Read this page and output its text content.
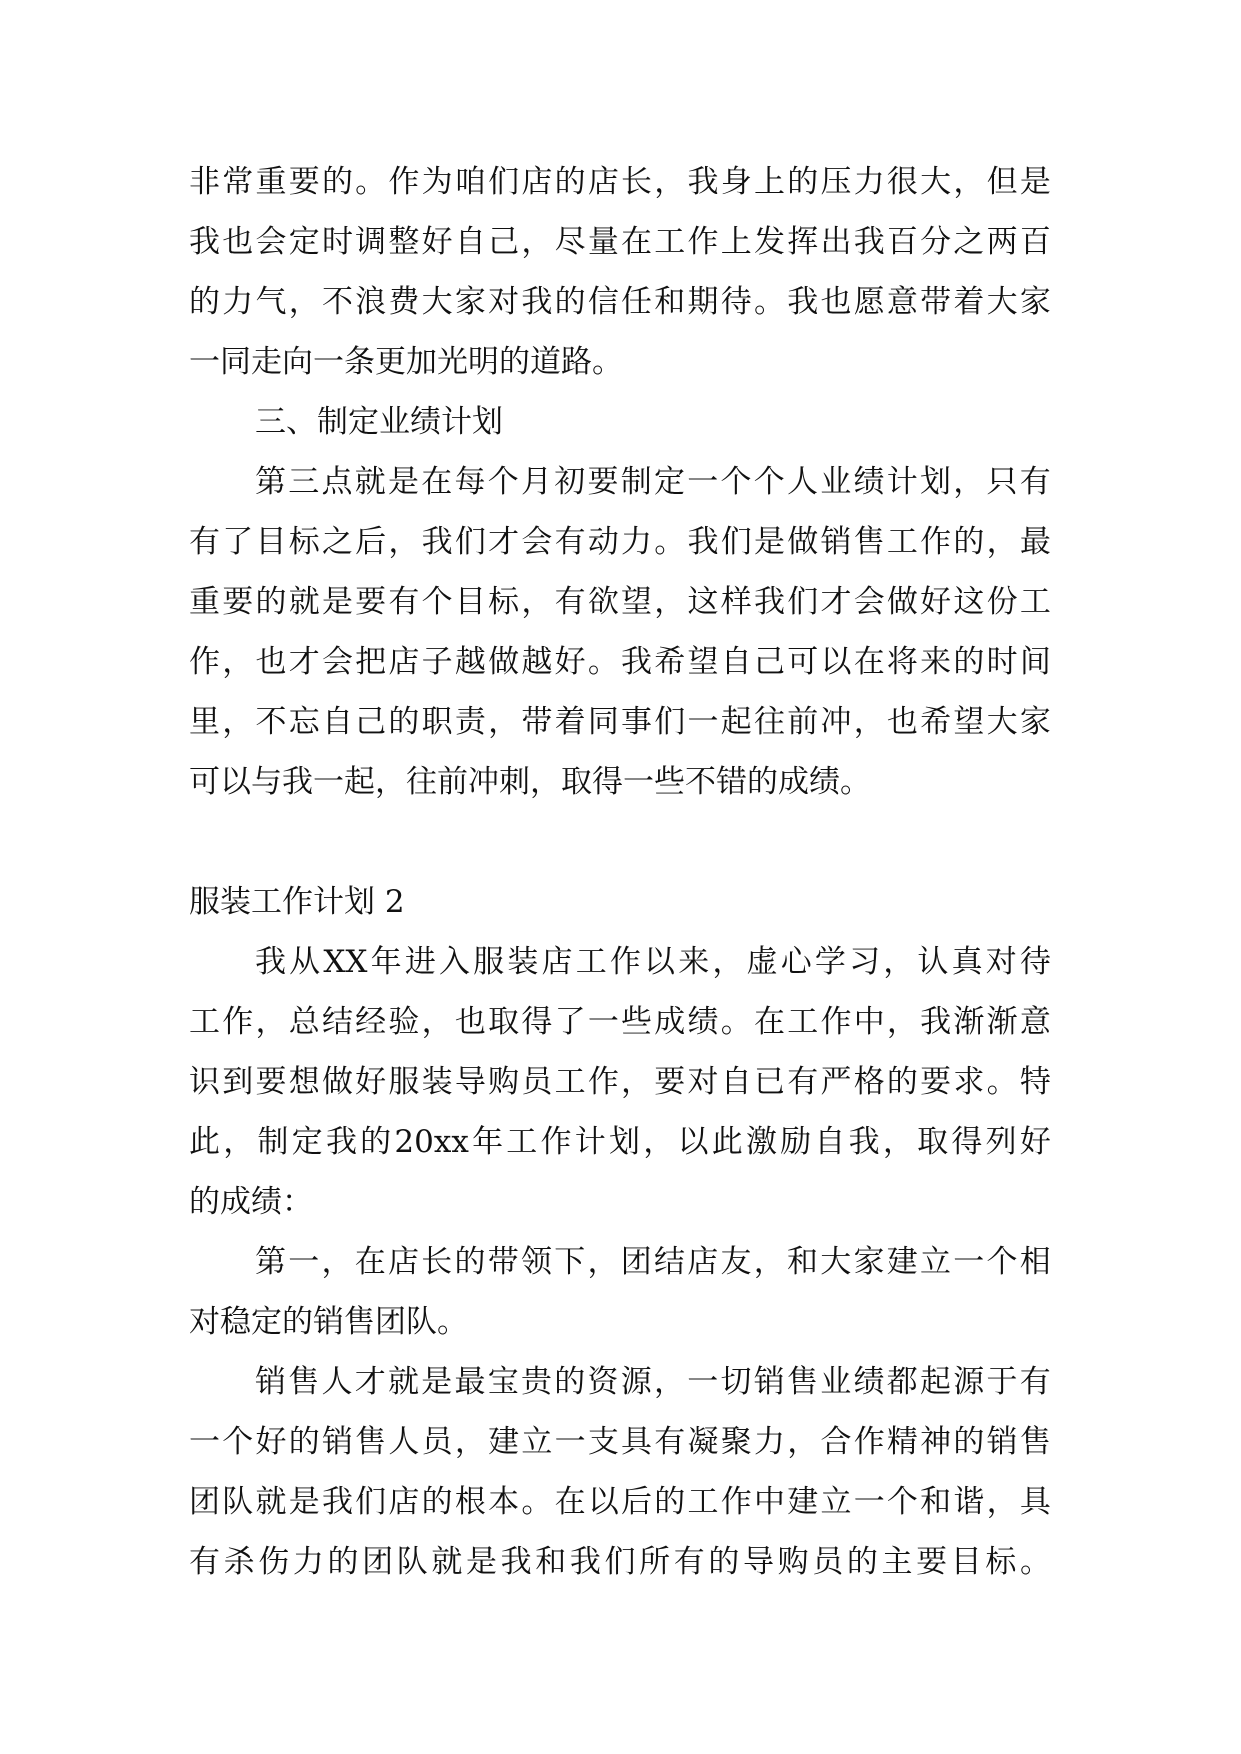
非 常 重 要 的 。 作 为 咱 们 店 的 店 长 ， 我 身 上 的 压 力 很 大 ， 但 是
我 也 会 定 时 调 整 好 自 己 ， 尽 量 在 工 作 上 发 挥 出 我 百 分 之 两 百
的 力 气 ， 不 浪 费 大 家 对 我 的 信 任 和 期 待 。 我 也 愿 意 带 着 大 家
一同走向一条更加光明的道路。
三、制定业绩计划
第 三 点 就 是 在 每 个 月 初 要 制 定 一 个 个 人 业 绩 计 划 ， 只 有
有 了 目 标 之 后 ， 我 们 才 会 有 动 力 。 我 们 是 做 销 售 工 作 的 ， 最
重 要 的 就 是 要 有 个 目 标 ， 有 欲 望 ， 这 样 我 们 才 会 做 好 这 份 工
作 ， 也 才 会 把 店 子 越 做 越 好 。 我 希 望 自 己 可 以 在 将 来 的 时 间
里 ， 不 忘 自 己 的 职 责 ， 带 着 同 事 们 一 起 往 前 冲 ， 也 希 望 大 家
可以与我一起，往前冲刺，取得一些不错的成绩。
服装工作计划 2
我 从 XX 年 进 入 服 装 店 工 作 以 来 ， 虚 心 学 习 ， 认 真 对 待
工 作 ， 总 结 经 验 ， 也 取 得 了 一 些 成 绩 。 在 工 作 中 ， 我 渐 渐 意
识 到 要 想 做 好 服 装 导 购 员 工 作 ， 要 对 自 已 有 严 格 的 要 求 。 特
此 ， 制 定 我 的 20xx 年 工 作 计 划 ， 以 此 激 励 自 我 ， 取 得 列 好
的成绩：
第 一 ， 在 店 长 的 带 领 下 ， 团 结 店 友 ， 和 大 家 建 立 一 个 相
对稳定的销售团队。
销 售 人 才 就 是 最 宝 贵 的 资 源 ， 一 切 销 售 业 绩 都 起 源 于 有
一 个 好 的 销 售 人 员 ， 建 立 一 支 具 有 凝 聚 力 ， 合 作 精 神 的 销 售
团 队 就 是 我 们 店 的 根 本 。 在 以 后 的 工 作 中 建 立 一 个 和 谐 ， 具
有 杀 伤 力 的 团 队 就 是 我 和 我 们 所 有 的 导 购 员 的 主 要 目 标 。
